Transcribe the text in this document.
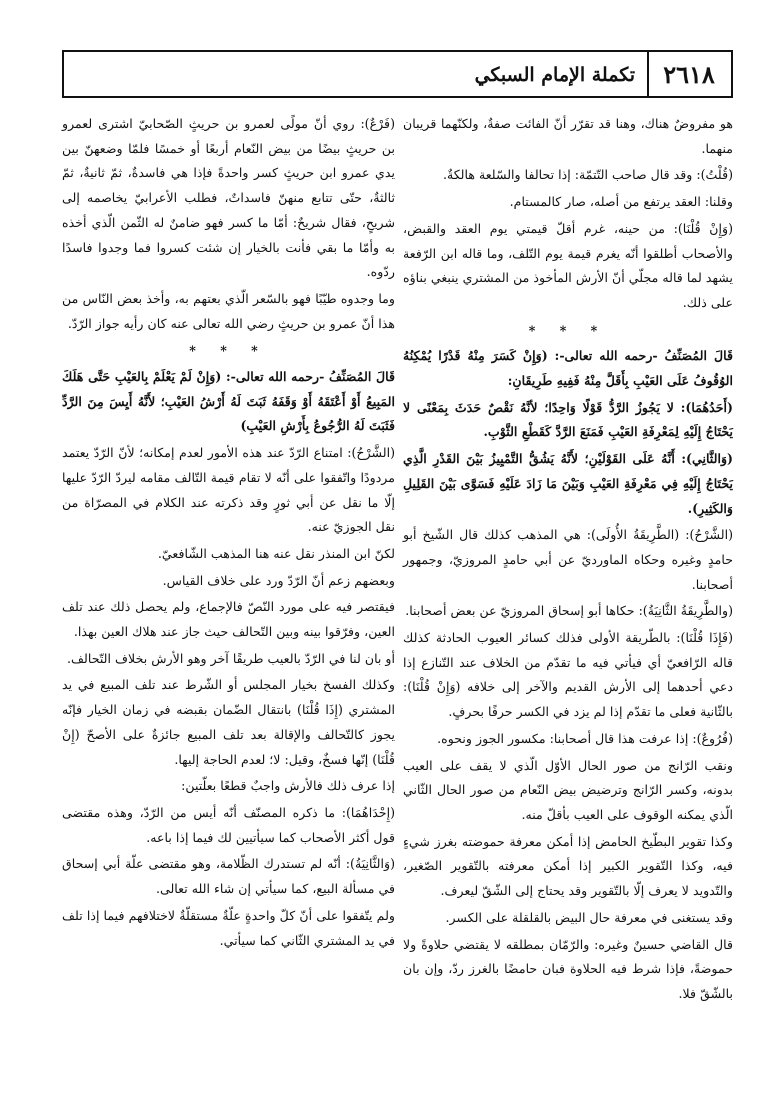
٢٦١٨
تكملة الإمام السبكي

هو مفروضٌ هناك، وهنا قد تقرّر أنّ الفائت صفةٌ، ولكنّهما قريبان منهما.

(قُلْتُ): وقد قال صاحب التّتمّة: إذا تحالفا والسّلعة هالكةٌ.

وقلنا: العقد يرتفع من أصله، صار كالمستام.

(وَإِنْ قُلْنَا): من حينه، غرم أقلّ قيمتي يوم العقد والقبض، والأصحاب أطلقوا أنّه يغرم قيمة يوم التّلف، وما قاله ابن الرّفعة يشهد لما قاله مجلّي أنّ الأرش المأخوذ من المشتري ينبغي بناؤه على ذلك.

* * *

قَالَ المُصَنِّفُ -رحمه الله تعالى-: (وَإِنْ كَسَرَ مِنْهُ قَدْرًا يُمْكِنُهُ الوُقُوفُ عَلَى العَيْبِ بِأَقَلَّ مِنْهُ فَفِيهِ طَرِيقَانِ:

(أَحَدُهُمَا): لا يَجُوزُ الرَّدُّ قَوْلًا وَاحِدًا؛ لأنَّهُ نَقْصٌ حَدَثَ بِمَعْنًى لا يَحْتَاجُ إِلَيْهِ لِمَعْرِفَةِ العَيْبِ فَمَنَعَ الرَّدَّ كَقَطْعِ الثَّوْبِ.

(وَالثَّانِي): أَنَّهُ عَلَى القَوْلَيْنِ؛ لأَنَّهُ يَشُقُّ التَّمْيِيزُ بَيْنَ القَدْرِ الَّذِي يَحْتَاجُ إِلَيْهِ فِي مَعْرِفَةِ العَيْبِ وَبَيْنَ مَا زَادَ عَلَيْهِ فَسَوَّى بَيْنَ القَلِيلِ وَالكَثِيرِ).

(الشَّرْحُ): (الطَّرِيقَةُ الأُولَى): هي المذهب كذلك قال الشّيخ أبو حامدٍ وغيره وحكاه الماورديّ عن أبي حامدٍ المروزيّ، وجمهور أصحابنا.

(والطَّرِيقَةُ الثَّانِيَةُ): حكاها أبو إسحاق المروزيّ عن بعض أصحابنا.

(فَإِذَا قُلْنَا): بالطّريقة الأولى فذلك كسائر العيوب الحادثة كذلك قاله الرّافعيّ أي فيأتي فيه ما تقدّم من الخلاف عند التّنازع إذا دعي أحدهما إلى الأرش القديم والآخر إلى خلافه (وَإِنْ قُلْنَا): بالثّانية فعلى ما تقدّم إذا لم يزد في الكسر حرفًا بحرفٍ.

(فُرُوعٌ): إذا عرفت هذا قال أصحابنا: مكسور الجوز ونحوه.

ونقب الرّانج من صور الحال الأوّل الّذي لا يقف على العيب بدونه، وكسر الرّانج وترضيض بيض النّعام من صور الحال الثّاني الّذي يمكنه الوقوف على العيب بأقلّ منه.

وكذا تقوير البطّيخ الحامض إذا أمكن معرفة حموضته بغرز شيءٍ فيه، وكذا التّقوير الكبير إذا أمكن معرفته بالتّقوير الصّغير، والتّدويد لا يعرف إلّا بالتّقوير وقد يحتاج إلى الشّقّ ليعرف.

وقد يستغنى في معرفة حال البيض بالقلقلة على الكسر.

قال القاضي حسينٌ وغيره: والرّمّان بمطلقه لا يقتضي حلاوةً ولا حموضةً، فإذا شرط فيه الحلاوة فبان حامضًا بالغرز ردّ، وإن بان بالشّقّ فلا.

(فَرْعٌ): روي أنّ مولًى لعمرو بن حريثٍ الصّحابيّ اشترى لعمرو بن حريثٍ بيضًا من بيض النّعام أربعًا أو خمسًا فلمّا وضعهنّ بين يدي عمرو ابن حريثٍ كسر واحدةً فإذا هي فاسدةٌ، ثمّ ثانيةٌ، ثمّ ثالثةٌ، حتّى تتابع منهنّ فاسداتٌ، فطلب الأعرابيّ يخاصمه إلى شريحٍ، فقال شريحٌ: أمّا ما كسر فهو ضامنٌ له الثّمن الّذي أخذه به وأمّا ما بقي فأنت بالخيار إن شئت كسروا فما وجدوا فاسدًا ردّوه.

وما وجدوه طيّبًا فهو بالسّعر الّذي بعتهم به، وأخذ بعض النّاس من هذا أنّ عمرو بن حريثٍ رضي الله تعالى عنه كان رأيه جواز الرّدّ.

* * *

قَالَ المُصَنِّفُ -رحمه الله تعالى-: (وَإِنْ لَمْ يَعْلَمْ بِالعَيْبِ حَتَّى هَلَكَ المَبِيعُ أَوْ أَعْتَقَهُ أَوْ وَقَفَهُ ثَبَتَ لَهُ أَرْشُ العَيْبِ؛ لأَنَّهُ أَيِسَ مِنَ الرَّدِّ فَثَبَتَ لَهُ الرُّجُوعُ بِأَرْشِ العَيْبِ)

(الشَّرْحُ): امتناع الرّدّ عند هذه الأمور لعدم إمكانه؛ لأنّ الرّدّ يعتمد مردودًا واتّفقوا على أنّه لا تقام قيمة التّالف مقامه ليردّ الرّدّ عليها إلّا ما نقل عن أبي ثورٍ وقد ذكرته عند الكلام في المصرّاة من نقل الجوزيّ عنه.

لكنّ ابن المنذر نقل عنه هنا المذهب الشّافعيّ.

وبعضهم زعم أنّ الرّدّ ورد على خلاف القياس.

فيقتصر فيه على مورد النّصّ فالإجماع، ولم يحصل ذلك عند تلف العين، وفرّقوا بينه وبين التّحالف حيث جاز عند هلاك العين بهذا.

أو بان لنا في الرّدّ بالعيب طريقًا آخر وهو الأرش بخلاف التّحالف.

وكذلك الفسخ بخيار المجلس أو الشّرط عند تلف المبيع في يد المشتري (إِذَا قُلْنَا) بانتقال الضّمان بقبضه في زمان الخيار فإنّه يجوز كالتّحالف والإقالة بعد تلف المبيع جائزةٌ على الأصحّ (إِنْ قُلْنَا) إنّها فسخٌ، وقيل: لا؛ لعدم الحاجة إليها.

إذا عرف ذلك فالأرش واجبٌ قطعًا بعلّتين:

(إِحْدَاهُمَا): ما ذكره المصنّف أنّه أيس من الرّدّ، وهذه مقتضى قول أكثر الأصحاب كما سيأتيين لك فيما إذا باعه.

(وَالثَّانِيَةُ): أنّه لم تستدرك الظّلامة، وهو مقتضى علّة أبي إسحاق في مسألة البيع، كما سيأتي إن شاء الله تعالى.

ولم يتّفقوا على أنّ كلّ واحدةٍ علّةٌ مستقلّةٌ لاختلافهم فيما إذا تلف في يد المشتري الثّاني كما سيأتي.
